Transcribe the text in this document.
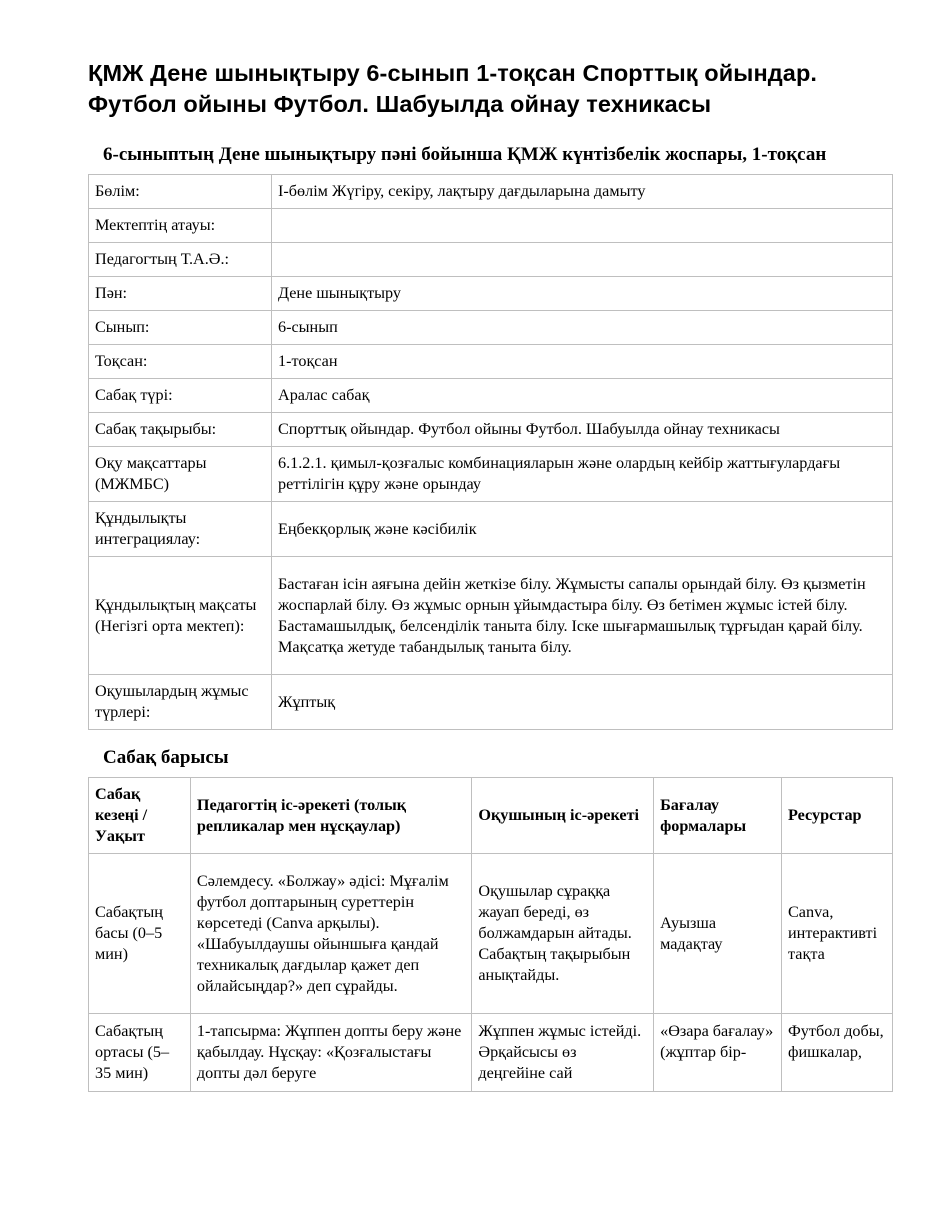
ҚМЖ Дене шынықтыру 6-сынып 1-тоқсан Спорттық ойындар. Футбол ойыны Футбол. Шабуылда ойнау техникасы
6-сыныптың Дене шынықтыру пәні бойынша ҚМЖ күнтізбелік жоспары, 1-тоқсан
Бөлім:	І-бөлім Жүгіру, секіру, лақтыру дағдыларына дамыту
Мектептің атауы:	
Педагогтың Т.А.Ә.:	
Пән:	Дене шынықтыру
Сынып:	6-сынып
Тоқсан:	1-тоқсан
Сабақ түрі:	Аралас сабақ
Сабақ тақырыбы:	Спорттық ойындар. Футбол ойыны Футбол. Шабуылда ойнау техникасы
Оқу мақсаттары (МЖМБС)	6.1.2.1. қимыл-қозғалыс комбинацияларын және олардың кейбір жаттығулардағы реттілігін құру және орындау
Құндылықты интеграциялау:	Еңбекқорлық және кәсібилік
Құндылықтың мақсаты (Негізгі орта мектеп):	Бастаған ісін аяғына дейін жеткізе білу. Жұмысты сапалы орындай білу. Өз қызметін жоспарлай білу. Өз жұмыс орнын ұйымдастыра білу. Өз бетімен жұмыс істей білу. Бастамашылдық, белсенділік таныта білу. Іске шығармашылық тұрғыдан қарай білу. Мақсатқа жетуде табандылық таныта білу.
Оқушылардың жұмыс түрлері:	Жұптық
Сабақ барысы
Сабақ кезеңі / Уақыт	Педагогтің іс-әрекеті (толық репликалар мен нұсқаулар)	Оқушының іс-әрекеті	Бағалау формалары	Ресурстар
Сабақтың басы (0–5 мин)	Сәлемдесу. «Болжау» әдісі: Мұғалім футбол доптарының суреттерін көрсетеді (Canva арқылы). «Шабуылдаушы ойыншыға қандай техникалық дағдылар қажет деп ойлайсыңдар?» деп сұрайды.	Оқушылар сұраққа жауап береді, өз болжамдарын айтады. Сабақтың тақырыбын анықтайды.	Ауызша мадақтау	Canva, интерактивті тақта
Сабақтың ортасы (5–35 мин)	1-тапсырма: Жұппен допты беру және қабылдау. Нұсқау: «Қозғалыстағы допты дәл беруге	Жұппен жұмыс істейді. Әрқайсысы өз деңгейіне сай	«Өзара бағалау» (жұптар бір-	Футбол добы, фишкалар,
